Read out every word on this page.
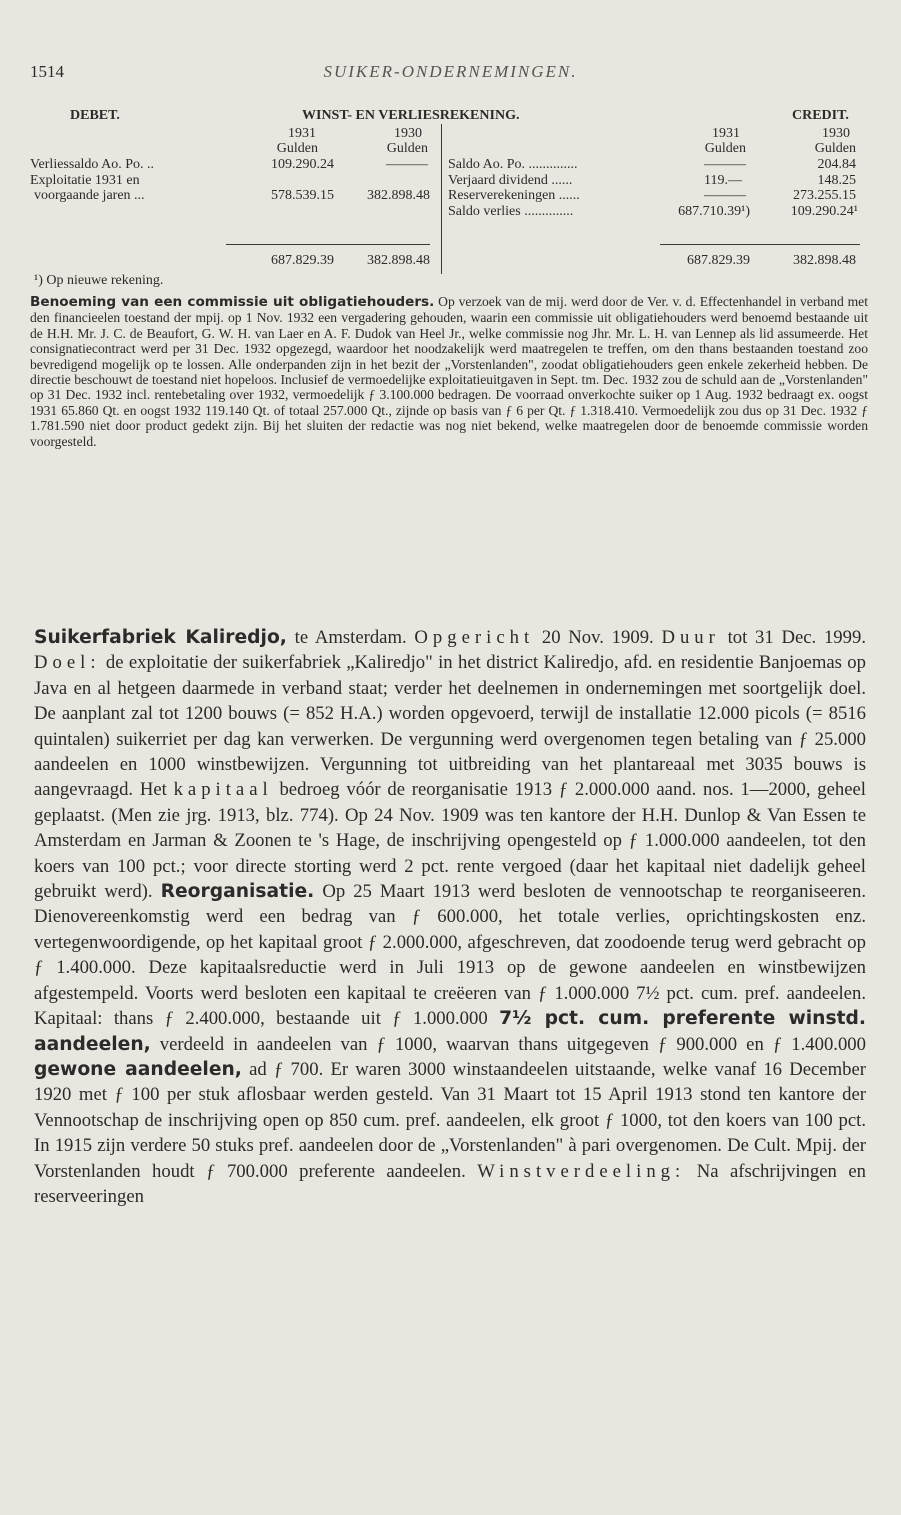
1514	SUIKER-ONDERNEMINGEN.
DEBET.	WINST- EN VERLIESREKENING.	CREDIT.
1931	1930
Gulden	Gulden
Verliessaldo Ao. Po. ..	109.290.24	———
Exploitatie 1931 en
voorgaande jaren ...	578.539.15	382.898.48
687.829.39	382.898.48
1931	1930
Gulden	Gulden
Saldo Ao. Po. ..............	———	204.84
Verjaard dividend ......	119.—	148.25
Reserverekeningen ......	———	273.255.15
Saldo verlies ..............	687.710.39¹)	109.290.24¹
687.829.39	382.898.48
¹) Op nieuwe rekening.
Benoeming van een commissie uit obligatiehouders. Op verzoek van de mij. werd door de Ver. v. d. Effectenhandel in verband met den financieelen toestand der mpij. op 1 Nov. 1932 een vergadering gehouden, waarin een commissie uit obligatiehouders werd benoemd bestaande uit de H.H. Mr. J. C. de Beaufort, G. W. H. van Laer en A. F. Dudok van Heel Jr., welke commissie nog Jhr. Mr. L. H. van Lennep als lid assumeerde. Het consignatiecontract werd per 31 Dec. 1932 opgezegd, waardoor het noodzakelijk werd maatregelen te treffen, om den thans bestaanden toestand zoo bevredigend mogelijk op te lossen. Alle onderpanden zijn in het bezit der „Vorstenlanden", zoodat obligatiehouders geen enkele zekerheid hebben. De directie beschouwt de toestand niet hopeloos. Inclusief de vermoedelijke exploitatieuitgaven in Sept. tm. Dec. 1932 zou de schuld aan de „Vorstenlanden" op 31 Dec. 1932 incl. rentebetaling over 1932, vermoedelijk ƒ 3.100.000 bedragen. De voorraad onverkochte suiker op 1 Aug. 1932 bedraagt ex. oogst 1931 65.860 Qt. en oogst 1932 119.140 Qt. of totaal 257.000 Qt., zijnde op basis van ƒ 6 per Qt. ƒ 1.318.410. Vermoedelijk zou dus op 31 Dec. 1932 ƒ 1.781.590 niet door product gedekt zijn. Bij het sluiten der redactie was nog niet bekend, welke maatregelen door de benoemde commissie worden voorgesteld.
Suikerfabriek Kaliredjo, te Amsterdam. Opgericht 20 Nov. 1909. Duur tot 31 Dec. 1999. Doel: de exploitatie der suikerfabriek „Kaliredjo" in het district Kaliredjo, afd. en residentie Banjoemas op Java en al hetgeen daarmede in verband staat; verder het deelnemen in ondernemingen met soortgelijk doel. De aanplant zal tot 1200 bouws (= 852 H.A.) worden opgevoerd, terwijl de installatie 12.000 picols (= 8516 quintalen) suikerriet per dag kan verwerken. De vergunning werd overgenomen tegen betaling van ƒ 25.000 aandeelen en 1000 winstbewijzen. Vergunning tot uitbreiding van het plantareaal met 3035 bouws is aangevraagd. Het kapitaal bedroeg vóór de reorganisatie 1913 ƒ 2.000.000 aand. nos. 1—2000, geheel geplaatst. (Men zie jrg. 1913, blz. 774). Op 24 Nov. 1909 was ten kantore der H.H. Dunlop & Van Essen te Amsterdam en Jarman & Zoonen te 's Hage, de inschrijving opengesteld op ƒ 1.000.000 aandeelen, tot den koers van 100 pct.; voor directe storting werd 2 pct. rente vergoed (daar het kapitaal niet dadelijk geheel gebruikt werd). Reorganisatie. Op 25 Maart 1913 werd besloten de vennootschap te reorganiseeren. Dienovereenkomstig werd een bedrag van ƒ 600.000, het totale verlies, oprichtingskosten enz. vertegenwoordigende, op het kapitaal groot ƒ 2.000.000, afgeschreven, dat zoodoende terug werd gebracht op ƒ 1.400.000. Deze kapitaalsreductie werd in Juli 1913 op de gewone aandeelen en winstbewijzen afgestempeld. Voorts werd besloten een kapitaal te creëeren van ƒ 1.000.000 7½ pct. cum. pref. aandeelen. Kapitaal: thans ƒ 2.400.000, bestaande uit ƒ 1.000.000 7½ pct. cum. preferente winstd. aandeelen, verdeeld in aandeelen van ƒ 1000, waarvan thans uitgegeven ƒ 900.000 en ƒ 1.400.000 gewone aandeelen, ad ƒ 700. Er waren 3000 winstaandeelen uitstaande, welke vanaf 16 December 1920 met ƒ 100 per stuk aflosbaar werden gesteld. Van 31 Maart tot 15 April 1913 stond ten kantore der Vennootschap de inschrijving open op 850 cum. pref. aandeelen, elk groot ƒ 1000, tot den koers van 100 pct. In 1915 zijn verdere 50 stuks pref. aandeelen door de „Vorstenlanden" à pari overgenomen. De Cult. Mpij. der Vorstenlanden houdt ƒ 700.000 preferente aandeelen. Winstverdeeling: Na afschrijvingen en reserveeringen
